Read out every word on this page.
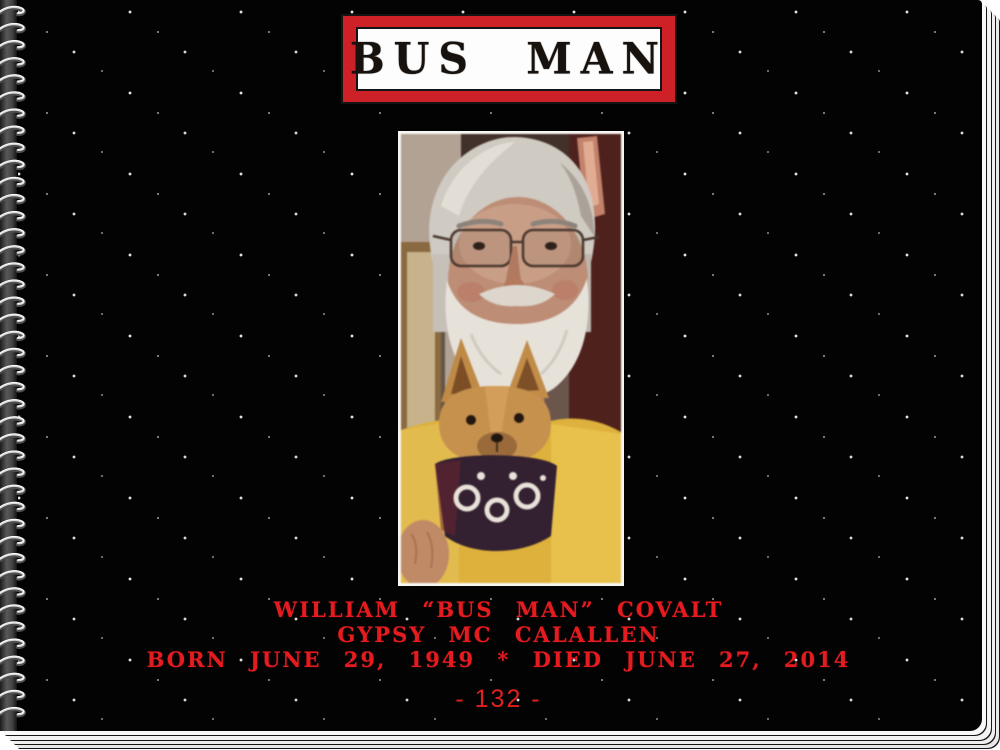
BUS MAN
WILLIAM “BUS MAN” COVALT
GYPSY MC CALALLEN
BORN JUNE 29, 1949 * DIED JUNE 27, 2014
- 132 -
